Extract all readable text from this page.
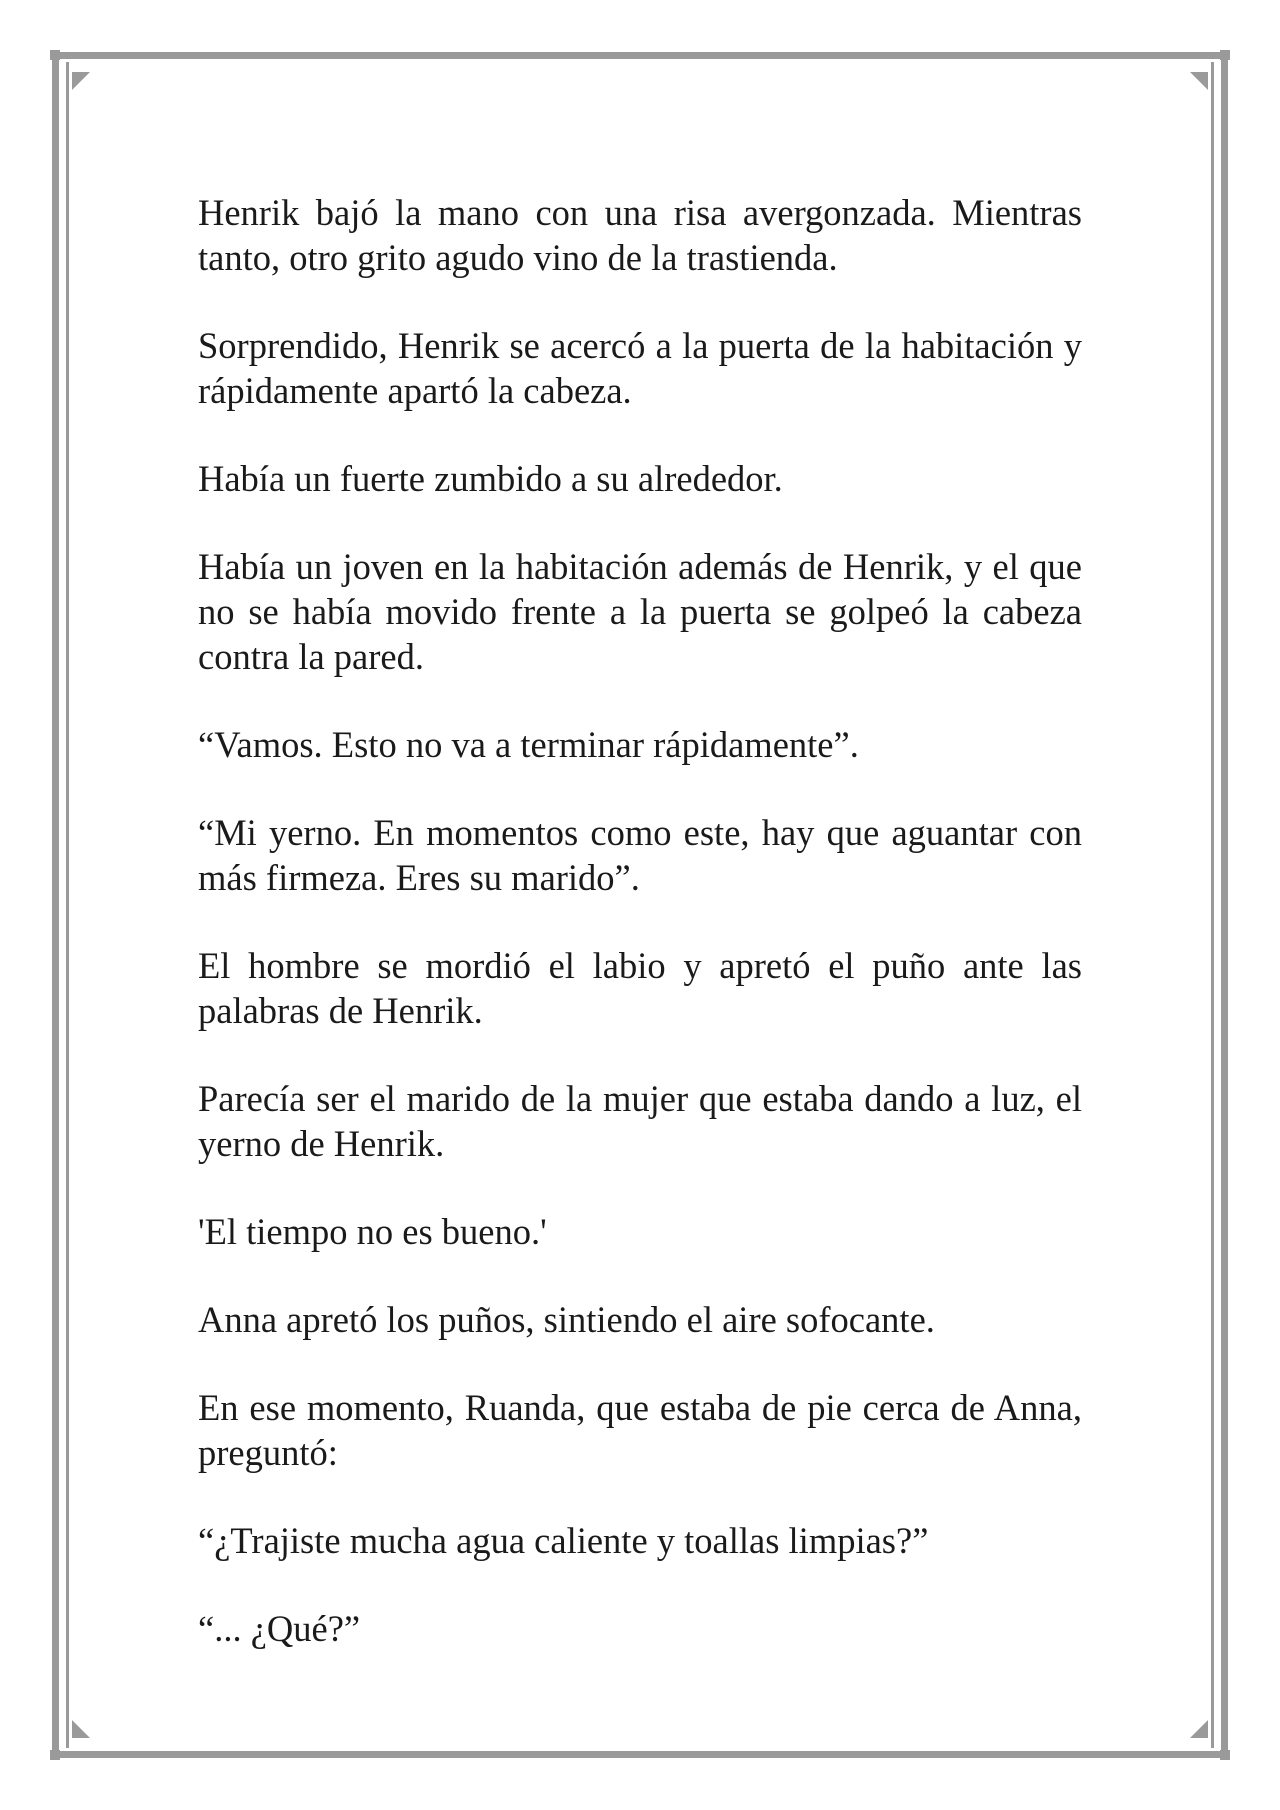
Henrik bajó la mano con una risa avergonzada. Mientras tanto, otro grito agudo vino de la trastienda.

Sorprendido, Henrik se acercó a la puerta de la habitación y rápidamente apartó la cabeza.

Había un fuerte zumbido a su alrededor.

Había un joven en la habitación además de Henrik, y el que no se había movido frente a la puerta se golpeó la cabeza contra la pared.

“Vamos. Esto no va a terminar rápidamente”.

“Mi yerno. En momentos como este, hay que aguantar con más firmeza. Eres su marido”.

El hombre se mordió el labio y apretó el puño ante las palabras de Henrik.

Parecía ser el marido de la mujer que estaba dando a luz, el yerno de Henrik.

'El tiempo no es bueno.'

Anna apretó los puños, sintiendo el aire sofocante.

En ese momento, Ruanda, que estaba de pie cerca de Anna, preguntó:

“¿Trajiste mucha agua caliente y toallas limpias?”

“... ¿Qué?”
